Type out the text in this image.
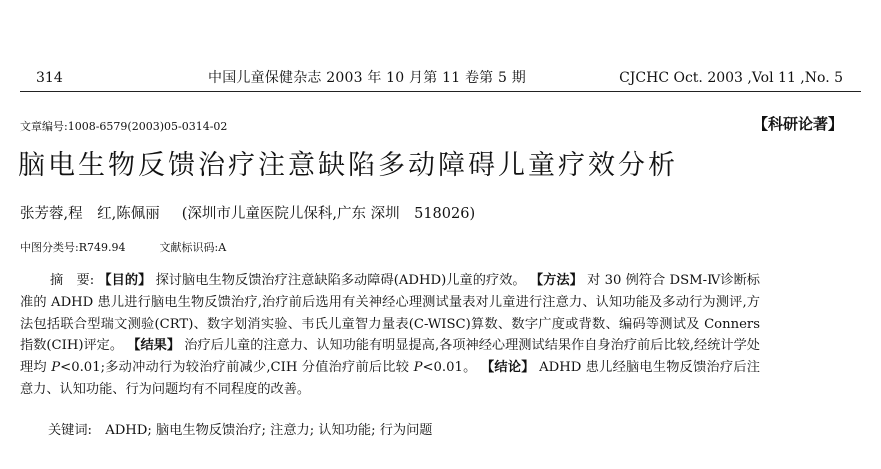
314	中国儿童保健杂志 2003 年 10 月第 11 卷第 5 期	CJCHC Oct. 2003 ,Vol 11 ,No. 5
文章编号:1008-6579(2003)05-0314-02	【科研论著】
脑电生物反馈治疗注意缺陷多动障碍儿童疗效分析
张芳蓉,程　红,陈佩丽 (深圳市儿童医院儿保科,广东 深圳　518026)
中图分类号:R749.94	文献标识码:A
摘　要: 【目的】 探讨脑电生物反馈治疗注意缺陷多动障碍(ADHD)儿童的疗效。 【方法】 对 30 例符合 DSM-Ⅳ诊断标准的 ADHD 患儿进行脑电生物反馈治疗,治疗前后选用有关神经心理测试量表对儿童进行注意力、认知功能及多动行为测评,方法包括联合型瑞文测验(CRT)、数字划消实验、韦氏儿童智力量表(C-WISC)算数、数字广度或背数、编码等测试及 Conners 指数(CIH)评定。 【结果】 治疗后儿童的注意力、认知功能有明显提高,各项神经心理测试结果作自身治疗前后比较,经统计学处理均 P<0.01;多动冲动行为较治疗前减少,CIH 分值治疗前后比较 P<0.01。 【结论】 ADHD 患儿经脑电生物反馈治疗后注意力、认知功能、行为问题均有不同程度的改善。
关键词:　 ADHD; 脑电生物反馈治疗; 注意力; 认知功能; 行为问题
